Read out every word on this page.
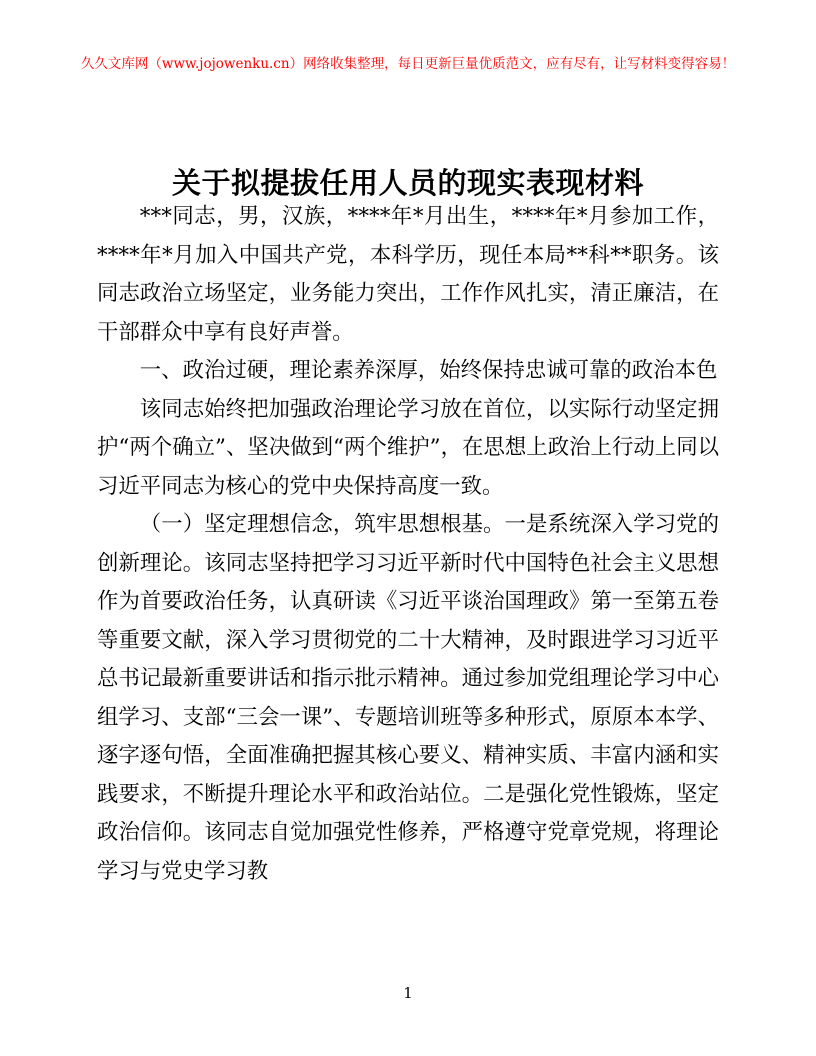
久久文库网（www.jojowenku.cn）网络收集整理，每日更新巨量优质范文，应有尽有，让写材料变得容易！
关于拟提拔任用人员的现实表现材料

***同志，男，汉族，****年*月出生，****年*月参加工作，****年*月加入中国共产党，本科学历，现任本局**科**职务。该同志政治立场坚定，业务能力突出，工作作风扎实，清正廉洁，在干部群众中享有良好声誉。

一、政治过硬，理论素养深厚，始终保持忠诚可靠的政治本色

该同志始终把加强政治理论学习放在首位，以实际行动坚定拥护“两个确立”、坚决做到“两个维护”，在思想上政治上行动上同以习近平同志为核心的党中央保持高度一致。

（一）坚定理想信念，筑牢思想根基。一是系统深入学习党的创新理论。该同志坚持把学习习近平新时代中国特色社会主义思想作为首要政治任务，认真研读《习近平谈治国理政》第一至第五卷等重要文献，深入学习贯彻党的二十大精神，及时跟进学习习近平总书记最新重要讲话和指示批示精神。通过参加党组理论学习中心组学习、支部“三会一课”、专题培训班等多种形式，原原本本学、逐字逐句悟，全面准确把握其核心要义、精神实质、丰富内涵和实践要求，不断提升理论水平和政治站位。二是强化党性锻炼，坚定政治信仰。该同志自觉加强党性修养，严格遵守党章党规，将理论学习与党史学习教

1
